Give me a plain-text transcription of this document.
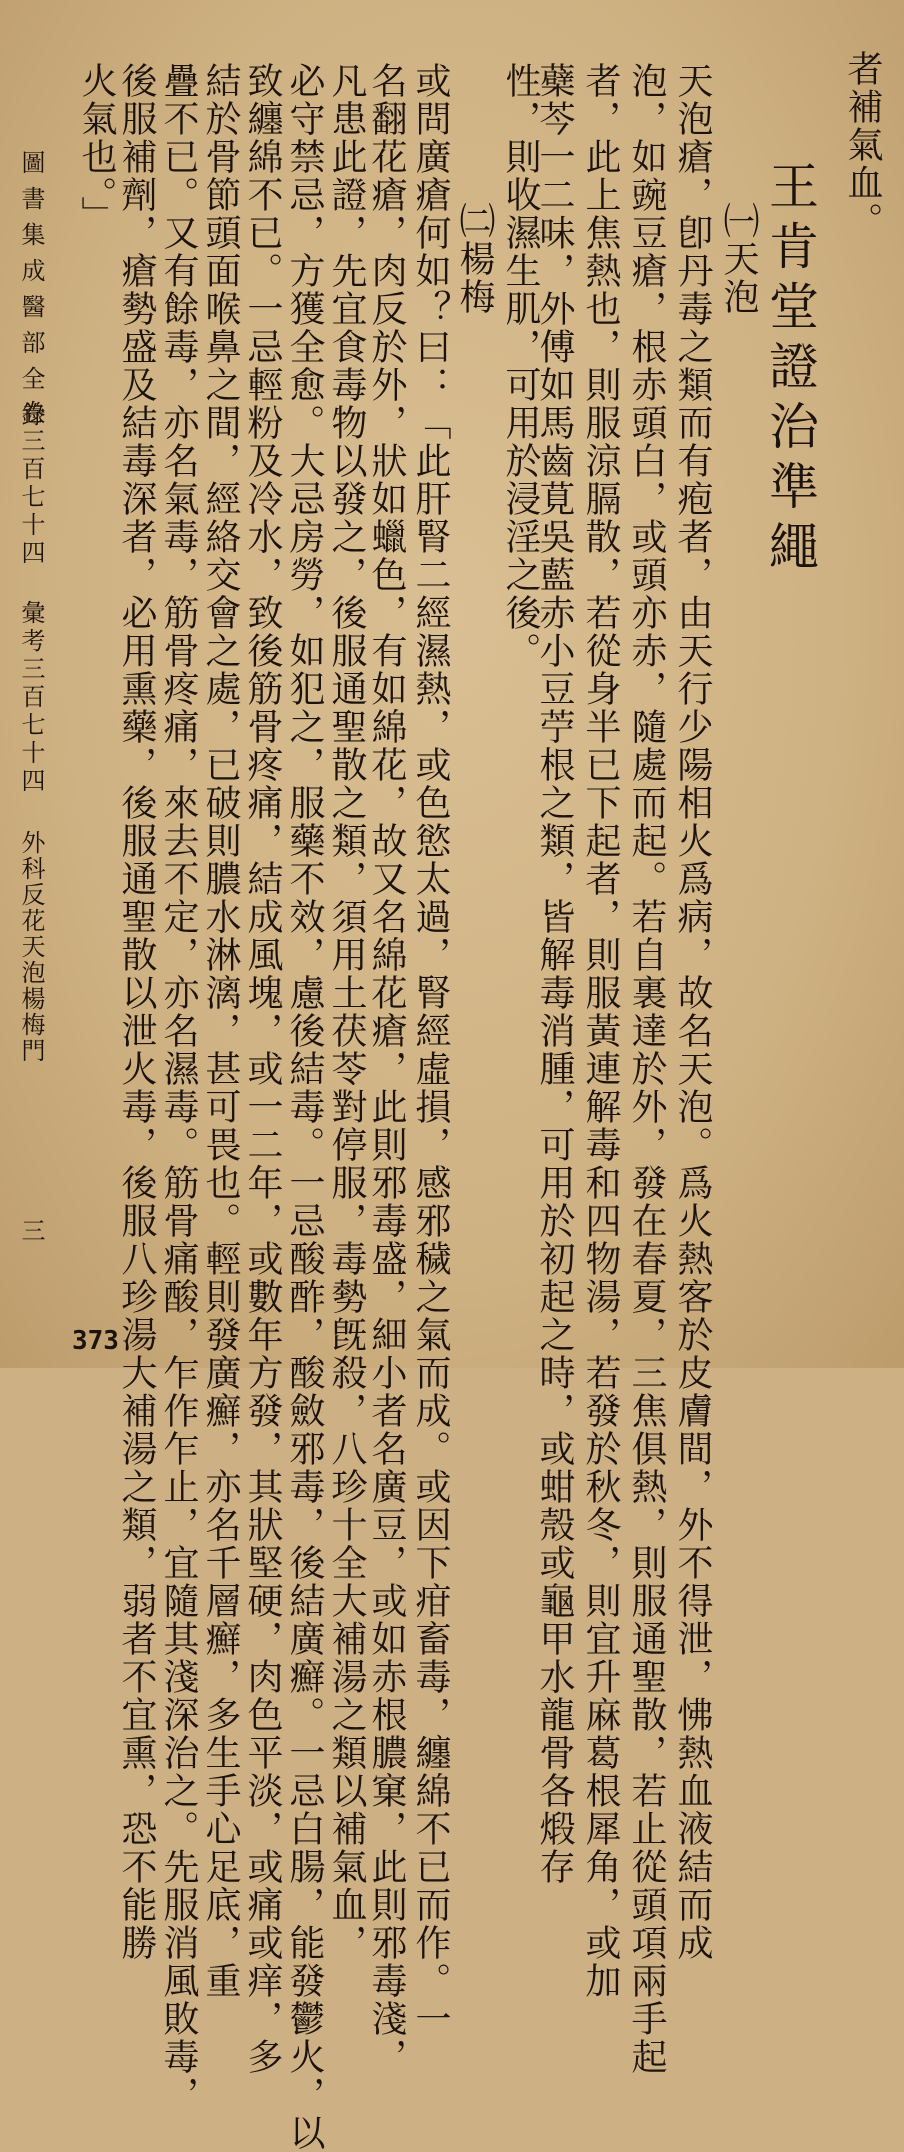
者補氣血。
王肯堂證治準繩
㈠天泡
天泡瘡，卽丹毒之類而有疱者，由天行少陽相火爲病，故名天泡。爲火熱客於皮膚間，外不得泄，怫熱血液結而成
泡，如豌豆瘡，根赤頭白，或頭亦赤，隨處而起。若自裏達於外，發在春夏，三焦俱熱，則服通聖散，若止從頭項兩手起
者，此上焦熱也，則服涼膈散，若從身半已下起者，則服黃連解毒和四物湯，若發於秋冬，則宜升麻葛根犀角，或加
蘗芩一二味，外傅如馬齒莧吳藍赤小豆苧根之類，皆解毒消腫，可用於初起之時，或蚶殼或龜甲水龍骨各煅存
性，則收濕生肌，可用於浸淫之後。
㈡楊梅
或問廣瘡何如？曰：「此肝腎二經濕熱，或色慾太過，腎經虛損，感邪穢之氣而成。或因下疳畜毒，纏綿不已而作。一
名翻花瘡，肉反於外，狀如蠟色，有如綿花，故又名綿花瘡，此則邪毒盛，細小者名廣豆，或如赤根膿窠，此則邪毒淺，
凡患此證，先宜食毒物以發之，後服通聖散之類，須用土茯苓對停服，毒勢旣殺，八珍十全大補湯之類以補氣血，
必守禁忌，方獲全愈。大忌房勞，如犯之，服藥不效，慮後結毒。一忌酸酢，酸斂邪毒，後結廣癬。一忌白腸，能發鬱火，以
致纏綿不已。一忌輕粉及冷水，致後筋骨疼痛，結成風塊，或一二年，或數年方發，其狀堅硬，肉色平淡，或痛或痒，多
結於骨節頭面喉鼻之間，經絡交會之處，已破則膿水淋漓，甚可畏也。輕則發廣癬，亦名千層癬，多生手心足底，重
疊不已。又有餘毒，亦名氣毒，筋骨疼痛，來去不定，亦名濕毒。筋骨痛酸，乍作乍止，宜隨其淺深治之。先服消風敗毒，
後服補劑，瘡勢盛及結毒深者，必用熏藥，後服通聖散以泄火毒，後服八珍湯大補湯之類，弱者不宜熏，恐不能勝
火氣也。」
圖書集成醫部全錄
卷三百七十四
彙考三百七十四
外科反花天泡楊梅門
三
373
